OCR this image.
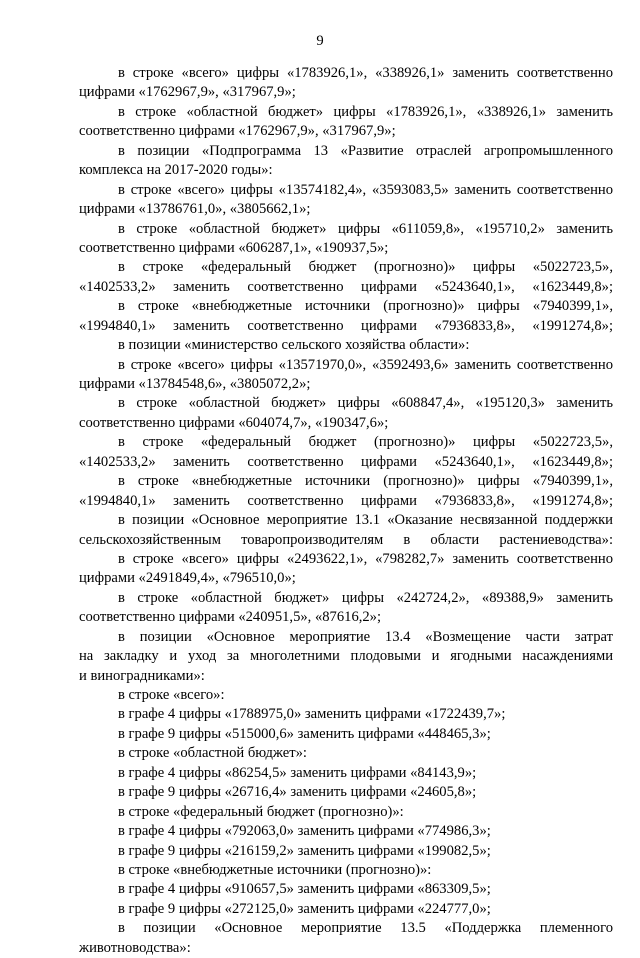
9
в строке «всего» цифры «1783926,1», «338926,1» заменить соответственно
цифрами «1762967,9», «317967,9»;
в строке «областной бюджет» цифры «1783926,1», «338926,1» заменить
соответственно цифрами «1762967,9», «317967,9»;
в позиции «Подпрограмма 13 «Развитие отраслей агропромышленного
комплекса на 2017-2020 годы»:
в строке «всего» цифры «13574182,4», «3593083,5» заменить соответственно
цифрами «13786761,0», «3805662,1»;
в строке «областной бюджет» цифры «611059,8», «195710,2» заменить
соответственно цифрами «606287,1», «190937,5»;
в строке «федеральный бюджет (прогнозно)» цифры «5022723,5»,
«1402533,2» заменить соответственно цифрами «5243640,1», «1623449,8»;
в строке «внебюджетные источники (прогнозно)» цифры «7940399,1»,
«1994840,1» заменить соответственно цифрами «7936833,8», «1991274,8»;
в позиции «министерство сельского хозяйства области»:
в строке «всего» цифры «13571970,0», «3592493,6» заменить соответственно
цифрами «13784548,6», «3805072,2»;
в строке «областной бюджет» цифры «608847,4», «195120,3» заменить
соответственно цифрами «604074,7», «190347,6»;
в строке «федеральный бюджет (прогнозно)» цифры «5022723,5»,
«1402533,2» заменить соответственно цифрами «5243640,1», «1623449,8»;
в строке «внебюджетные источники (прогнозно)» цифры «7940399,1»,
«1994840,1» заменить соответственно цифрами «7936833,8», «1991274,8»;
в позиции «Основное мероприятие 13.1 «Оказание несвязанной поддержки
сельскохозяйственным товаропроизводителям в области растениеводства»:
в строке «всего» цифры «2493622,1», «798282,7» заменить соответственно
цифрами «2491849,4», «796510,0»;
в строке «областной бюджет» цифры «242724,2», «89388,9» заменить
соответственно цифрами «240951,5», «87616,2»;
в позиции «Основное мероприятие 13.4 «Возмещение части затрат
на закладку и уход за многолетними плодовыми и ягодными насаждениями
и виноградниками»:
в строке «всего»:
в графе 4 цифры «1788975,0» заменить цифрами «1722439,7»;
в графе 9 цифры «515000,6» заменить цифрами «448465,3»;
в строке «областной бюджет»:
в графе 4 цифры «86254,5» заменить цифрами «84143,9»;
в графе 9 цифры «26716,4» заменить цифрами «24605,8»;
в строке «федеральный бюджет (прогнозно)»:
в графе 4 цифры «792063,0» заменить цифрами «774986,3»;
в графе 9 цифры «216159,2» заменить цифрами «199082,5»;
в строке «внебюджетные источники (прогнозно)»:
в графе 4 цифры «910657,5» заменить цифрами «863309,5»;
в графе 9 цифры «272125,0» заменить цифрами «224777,0»;
в позиции «Основное мероприятие 13.5 «Поддержка племенного
животноводства»:
